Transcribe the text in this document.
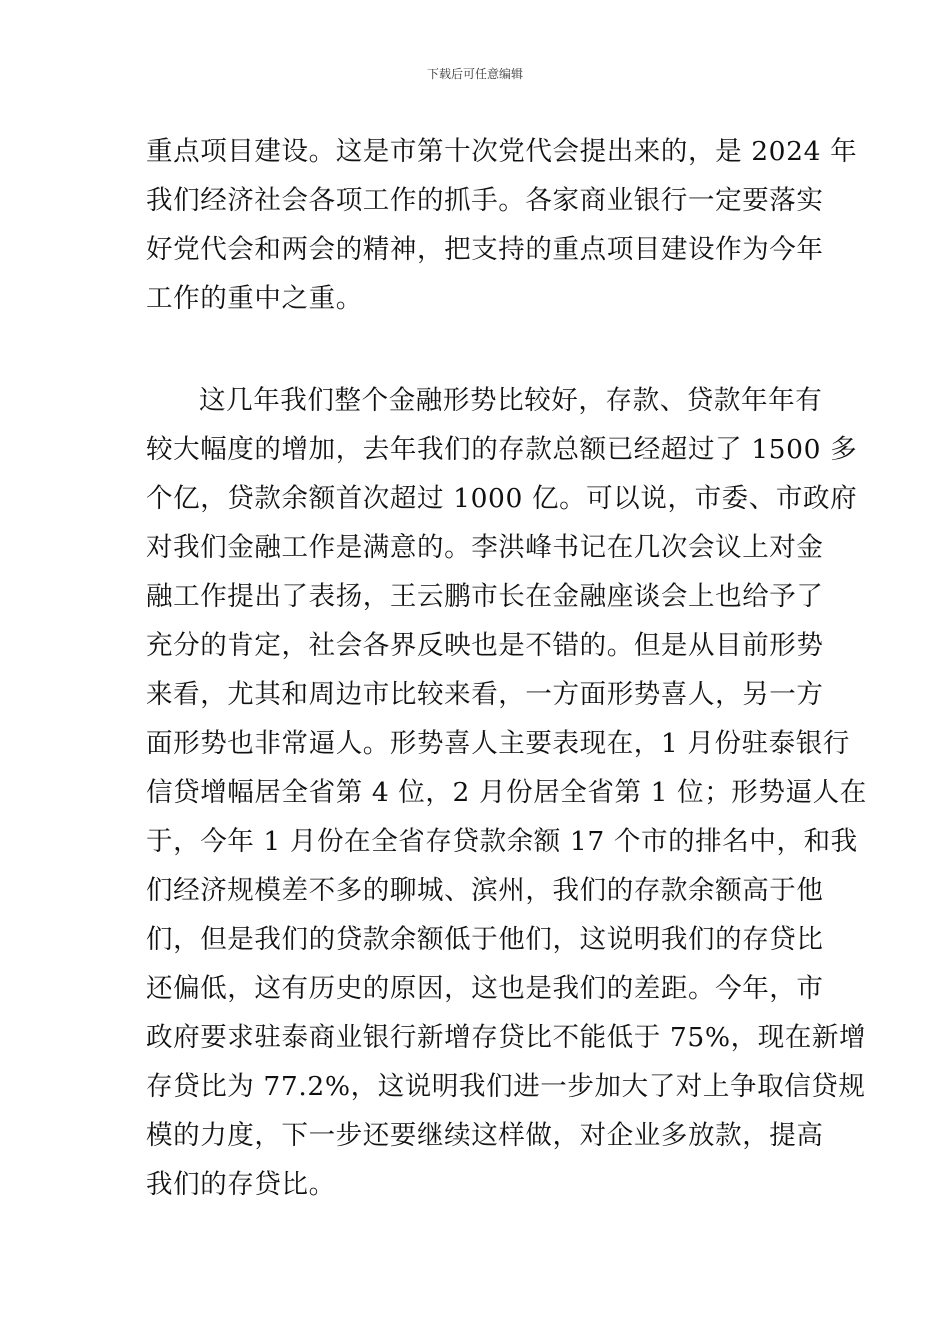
下载后可任意编辑
重点项目建设。这是市第十次党代会提出来的，是 2024 年
我们经济社会各项工作的抓手。各家商业银行一定要落实
好党代会和两会的精神，把支持的重点项目建设作为今年
工作的重中之重。
这几年我们整个金融形势比较好，存款、贷款年年有
较大幅度的增加，去年我们的存款总额已经超过了 1500 多
个亿，贷款余额首次超过 1000 亿。可以说，市委、市政府
对我们金融工作是满意的。李洪峰书记在几次会议上对金
融工作提出了表扬，王云鹏市长在金融座谈会上也给予了
充分的肯定，社会各界反映也是不错的。但是从目前形势
来看，尤其和周边市比较来看，一方面形势喜人，另一方
面形势也非常逼人。形势喜人主要表现在，1 月份驻泰银行
信贷增幅居全省第 4 位，2 月份居全省第 1 位；形势逼人在
于，今年 1 月份在全省存贷款余额 17 个市的排名中，和我
们经济规模差不多的聊城、滨州，我们的存款余额高于他
们，但是我们的贷款余额低于他们，这说明我们的存贷比
还偏低，这有历史的原因，这也是我们的差距。今年，市
政府要求驻泰商业银行新增存贷比不能低于 75%，现在新增
存贷比为 77.2%，这说明我们进一步加大了对上争取信贷规
模的力度，下一步还要继续这样做，对企业多放款，提高
我们的存贷比。
